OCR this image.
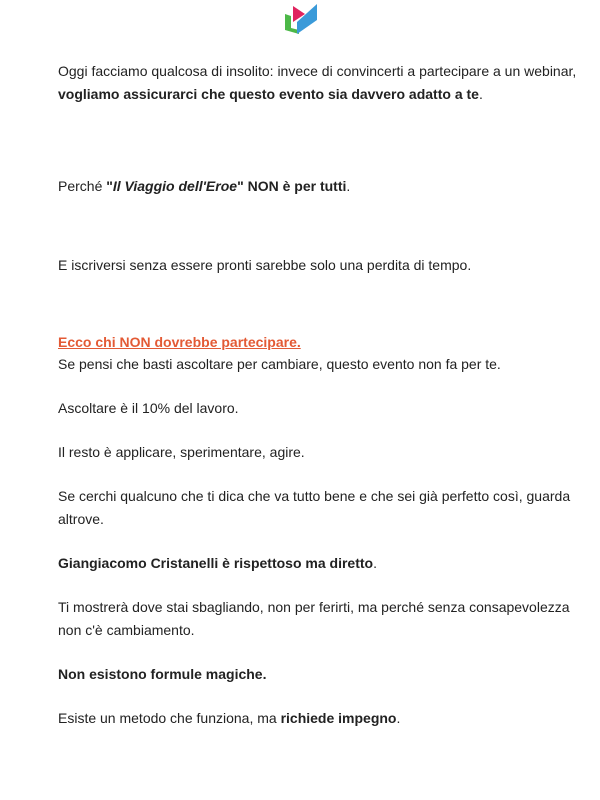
Oggi facciamo qualcosa di insolito: invece di convincerti a partecipare a un webinar, vogliamo assicurarci che questo evento sia davvero adatto a te.

Perché "Il Viaggio dell'Eroe" NON è per tutti.

E iscriversi senza essere pronti sarebbe solo una perdita di tempo.

Ecco chi NON dovrebbe partecipare.

Se pensi che basti ascoltare per cambiare, questo evento non fa per te.

Ascoltare è il 10% del lavoro.

Il resto è applicare, sperimentare, agire.

Se cerchi qualcuno che ti dica che va tutto bene e che sei già perfetto così, guarda altrove.

Giangiacomo Cristanelli è rispettoso ma diretto.

Ti mostrerà dove stai sbagliando, non per ferirti, ma perché senza consapevolezza non c'è cambiamento.

Non esistono formule magiche.

Esiste un metodo che funziona, ma richiede impegno.
